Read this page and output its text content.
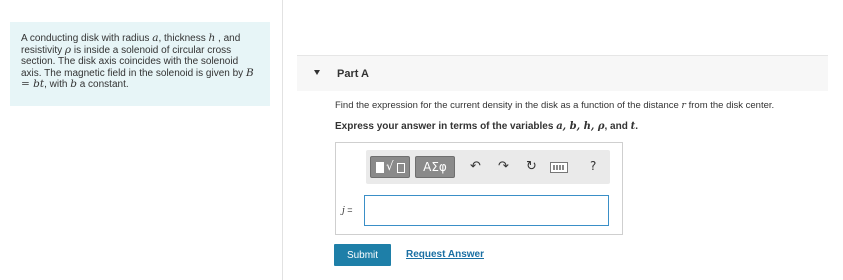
A conducting disk with radius a, thickness h , and resistivity ρ is inside a solenoid of circular cross section. The disk axis coincides with the solenoid axis. The magnetic field in the solenoid is given by B = bt, with b a constant.
Part A
Find the expression for the current density in the disk as a function of the distance r from the disk center.
Express your answer in terms of the variables a, b, h, ρ, and t.
√	ΑΣφ	↶ ↷ ↻	?
j =
Submit	Request Answer
